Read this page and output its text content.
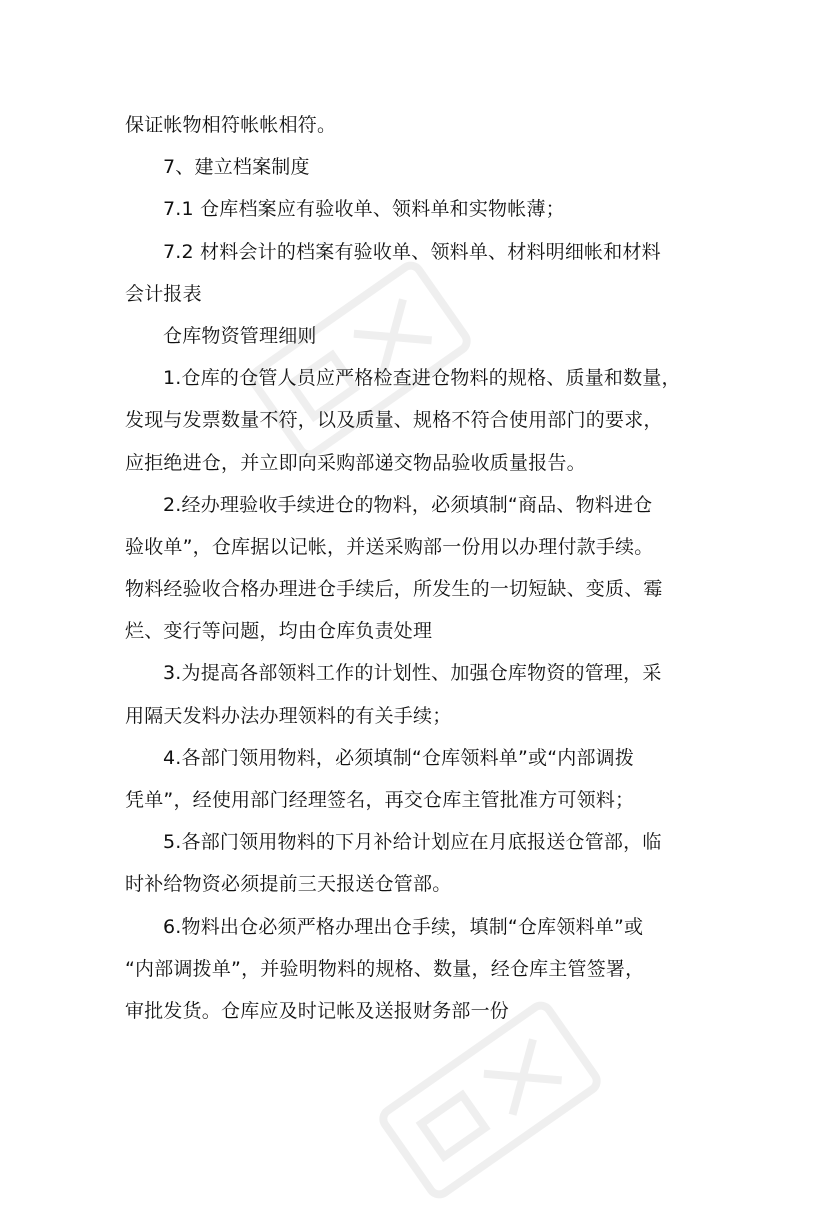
保证帐物相符帐帐相符。
7、建立档案制度
7.1 仓库档案应有验收单、领料单和实物帐薄；
7.2 材料会计的档案有验收单、领料单、材料明细帐和材料
会计报表
仓库物资管理细则
1.仓库的仓管人员应严格检查进仓物料的规格、质量和数量，
发现与发票数量不符，以及质量、规格不符合使用部门的要求，
应拒绝进仓，并立即向采购部递交物品验收质量报告。
2.经办理验收手续进仓的物料，必须填制“商品、物料进仓
验收单”，仓库据以记帐，并送采购部一份用以办理付款手续。
物料经验收合格办理进仓手续后，所发生的一切短缺、变质、霉
烂、变行等问题，均由仓库负责处理
3.为提高各部领料工作的计划性、加强仓库物资的管理，采
用隔天发料办法办理领料的有关手续；
4.各部门领用物料，必须填制“仓库领料单”或“内部调拨
凭单”，经使用部门经理签名，再交仓库主管批准方可领料；
5.各部门领用物料的下月补给计划应在月底报送仓管部，临
时补给物资必须提前三天报送仓管部。
6.物料出仓必须严格办理出仓手续，填制“仓库领料单”或
“内部调拨单”，并验明物料的规格、数量，经仓库主管签署，
审批发货。仓库应及时记帐及送报财务部一份
